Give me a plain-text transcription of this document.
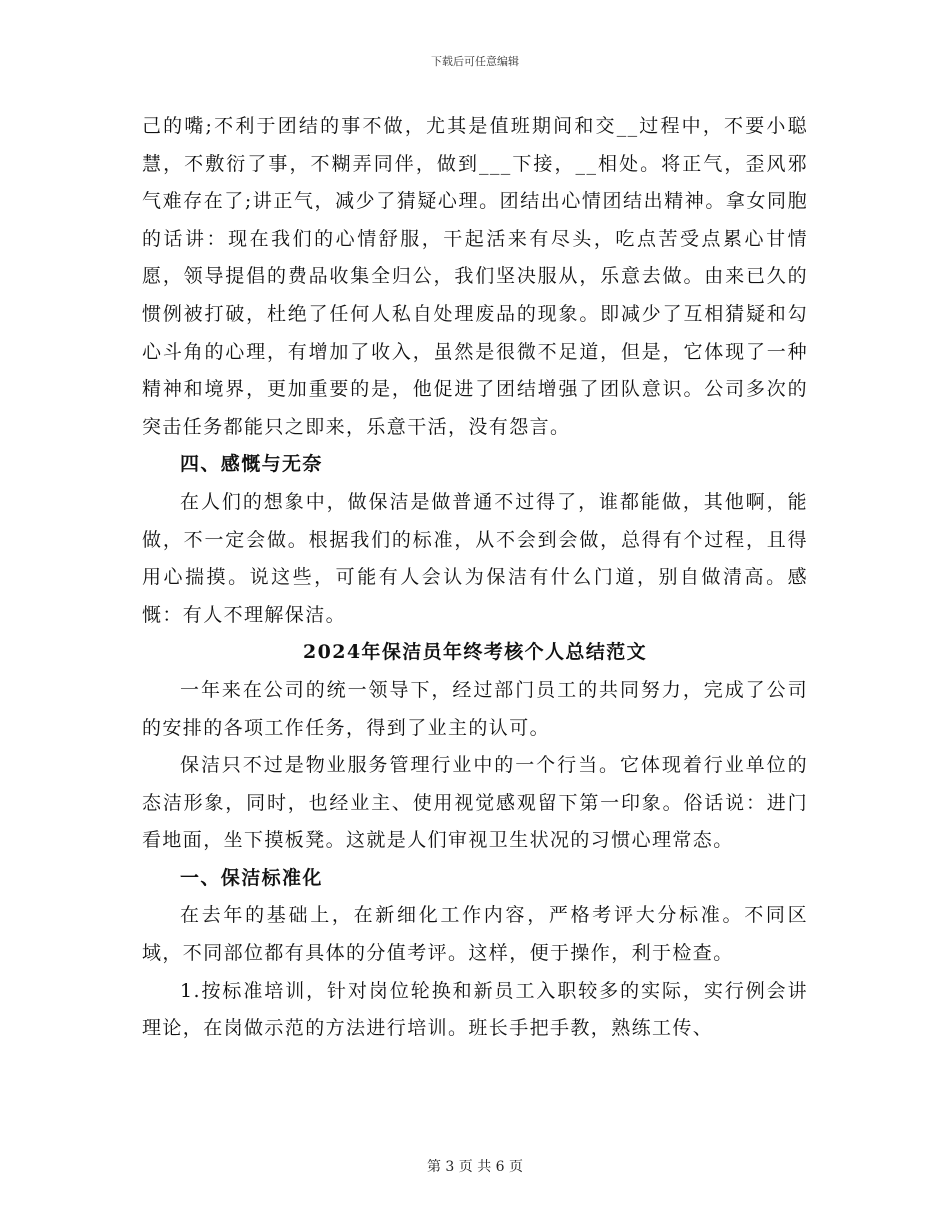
下载后可任意编辑

己的嘴;不利于团结的事不做，尤其是值班期间和交__过程中，不要小聪慧，不敷衍了事，不糊弄同伴，做到___下接，__相处。将正气，歪风邪气难存在了;讲正气，减少了猜疑心理。团结出心情团结出精神。拿女同胞的话讲：现在我们的心情舒服，干起活来有尽头，吃点苦受点累心甘情愿，领导提倡的费品收集全归公，我们坚决服从，乐意去做。由来已久的惯例被打破，杜绝了任何人私自处理废品的现象。即减少了互相猜疑和勾心斗角的心理，有增加了收入，虽然是很微不足道，但是，它体现了一种精神和境界，更加重要的是，他促进了团结增强了团队意识。公司多次的突击任务都能只之即来，乐意干活，没有怨言。

四、感慨与无奈

在人们的想象中，做保洁是做普通不过得了，谁都能做，其他啊，能做，不一定会做。根据我们的标准，从不会到会做，总得有个过程，且得用心揣摸。说这些，可能有人会认为保洁有什么门道，别自做清高。感慨：有人不理解保洁。

2024年保洁员年终考核个人总结范文

一年来在公司的统一领导下，经过部门员工的共同努力，完成了公司的安排的各项工作任务，得到了业主的认可。

保洁只不过是物业服务管理行业中的一个行当。它体现着行业单位的态洁形象，同时，也经业主、使用视觉感观留下第一印象。俗话说：进门看地面，坐下摸板凳。这就是人们审视卫生状况的习惯心理常态。

一、保洁标准化

在去年的基础上，在新细化工作内容，严格考评大分标准。不同区域，不同部位都有具体的分值考评。这样，便于操作，利于检查。

1.按标准培训，针对岗位轮换和新员工入职较多的实际，实行例会讲理论，在岗做示范的方法进行培训。班长手把手教，熟练工传、

第 3 页 共 6 页
